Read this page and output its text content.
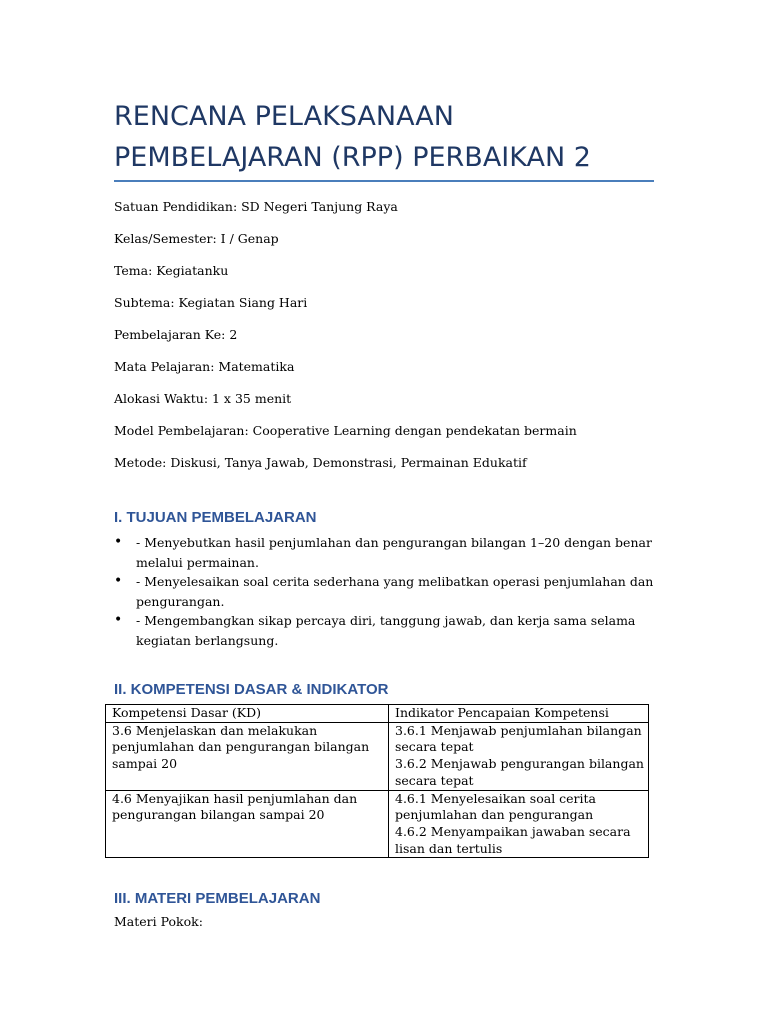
RENCANA PELAKSANAAN
PEMBELAJARAN (RPP) PERBAIKAN 2

Satuan Pendidikan: SD Negeri Tanjung Raya

Kelas/Semester: I / Genap

Tema: Kegiatanku

Subtema: Kegiatan Siang Hari

Pembelajaran Ke: 2

Mata Pelajaran: Matematika

Alokasi Waktu: 1 x 35 menit

Model Pembelajaran: Cooperative Learning dengan pendekatan bermain

Metode: Diskusi, Tanya Jawab, Demonstrasi, Permainan Edukatif

I. TUJUAN PEMBELAJARAN
• - Menyebutkan hasil penjumlahan dan pengurangan bilangan 1–20 dengan benar melalui permainan.
• - Menyelesaikan soal cerita sederhana yang melibatkan operasi penjumlahan dan pengurangan.
• - Mengembangkan sikap percaya diri, tanggung jawab, dan kerja sama selama kegiatan berlangsung.
II. KOMPETENSI DASAR & INDIKATOR
Kompetensi Dasar (KD)	Indikator Pencapaian Kompetensi
3.6 Menjelaskan dan melakukan penjumlahan dan pengurangan bilangan sampai 20	3.6.1 Menjawab penjumlahan bilangan secara tepat
3.6.2 Menjawab pengurangan bilangan secara tepat

4.6 Menyajikan hasil penjumlahan dan pengurangan bilangan sampai 20	4.6.1 Menyelesaikan soal cerita penjumlahan dan pengurangan
4.6.2 Menyampaikan jawaban secara lisan dan tertulis
III. MATERI PEMBELAJARAN

Materi Pokok:
